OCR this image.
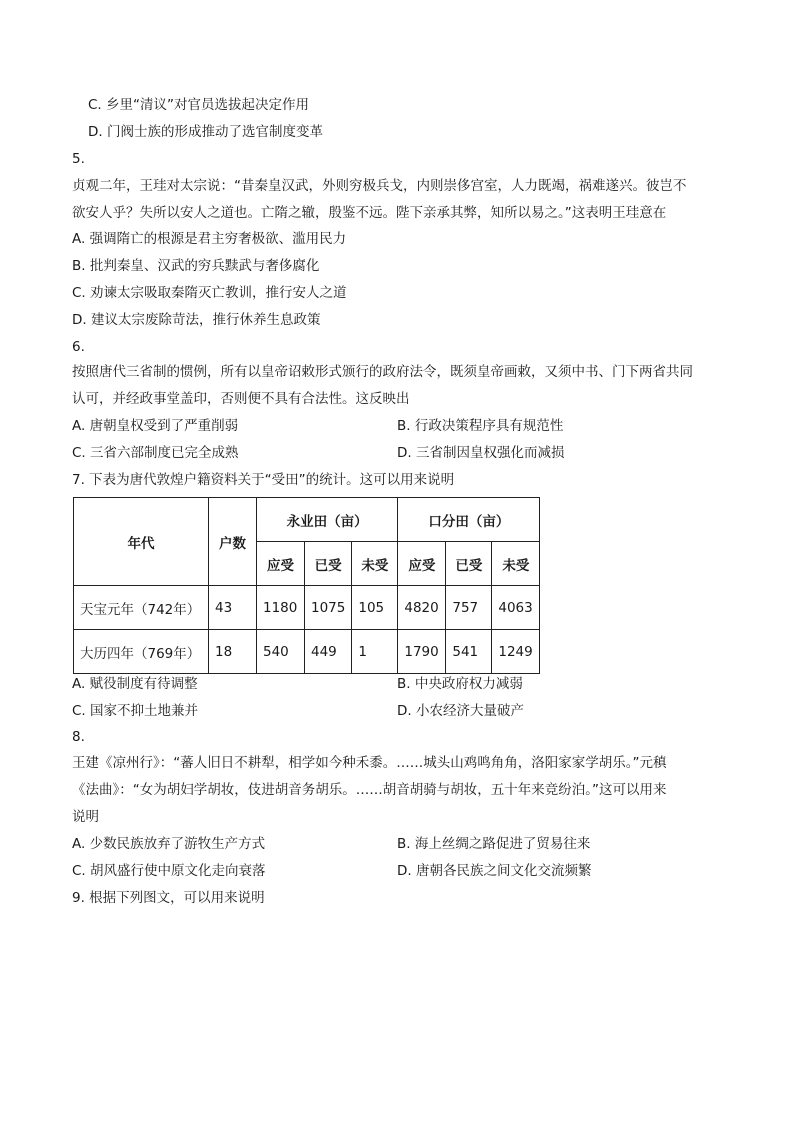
C. 乡里“清议”对官员选拔起决定作用
D. 门阀士族的形成推动了选官制度变革
5.
贞观二年，王珪对太宗说：“昔秦皇汉武，外则穷极兵戈，内则崇侈宫室，人力既竭，祸难遂兴。彼岂不
欲安人乎？失所以安人之道也。亡隋之辙，殷鉴不远。陛下亲承其弊，知所以易之。”这表明王珪意在
A. 强调隋亡的根源是君主穷奢极欲、滥用民力
B. 批判秦皇、汉武的穷兵黩武与奢侈腐化
C. 劝谏太宗吸取秦隋灭亡教训，推行安人之道
D. 建议太宗废除苛法，推行休养生息政策
6.
按照唐代三省制的惯例，所有以皇帝诏敕形式颁行的政府法令，既须皇帝画敕，又须中书、门下两省共同
认可，并经政事堂盖印，否则便不具有合法性。这反映出
A. 唐朝皇权受到了严重削弱	B. 行政决策程序具有规范性
C. 三省六部制度已完全成熟	D. 三省制因皇权强化而减损
7. 下表为唐代敦煌户籍资料关于“受田”的统计。这可以用来说明
年代	户数	永业田（亩）			口分田（亩）		
		应受	已受	未受	应受	已受	未受
天宝元年（742年）	43	1180	1075	105	4820	757	4063
大历四年（769年）	18	540	449	1	1790	541	1249
A. 赋役制度有待调整	B. 中央政府权力减弱
C. 国家不抑土地兼并	D. 小农经济大量破产
8.
王建《凉州行》：“蕃人旧日不耕犁，相学如今种禾黍。……城头山鸡鸣角角，洛阳家家学胡乐。”元稹
《法曲》：“女为胡妇学胡妆，伎进胡音务胡乐。……胡音胡骑与胡妆，五十年来竞纷泊。”这可以用来
说明
A. 少数民族放弃了游牧生产方式	B. 海上丝绸之路促进了贸易往来
C. 胡风盛行使中原文化走向衰落	D. 唐朝各民族之间文化交流频繁
9. 根据下列图文，可以用来说明
